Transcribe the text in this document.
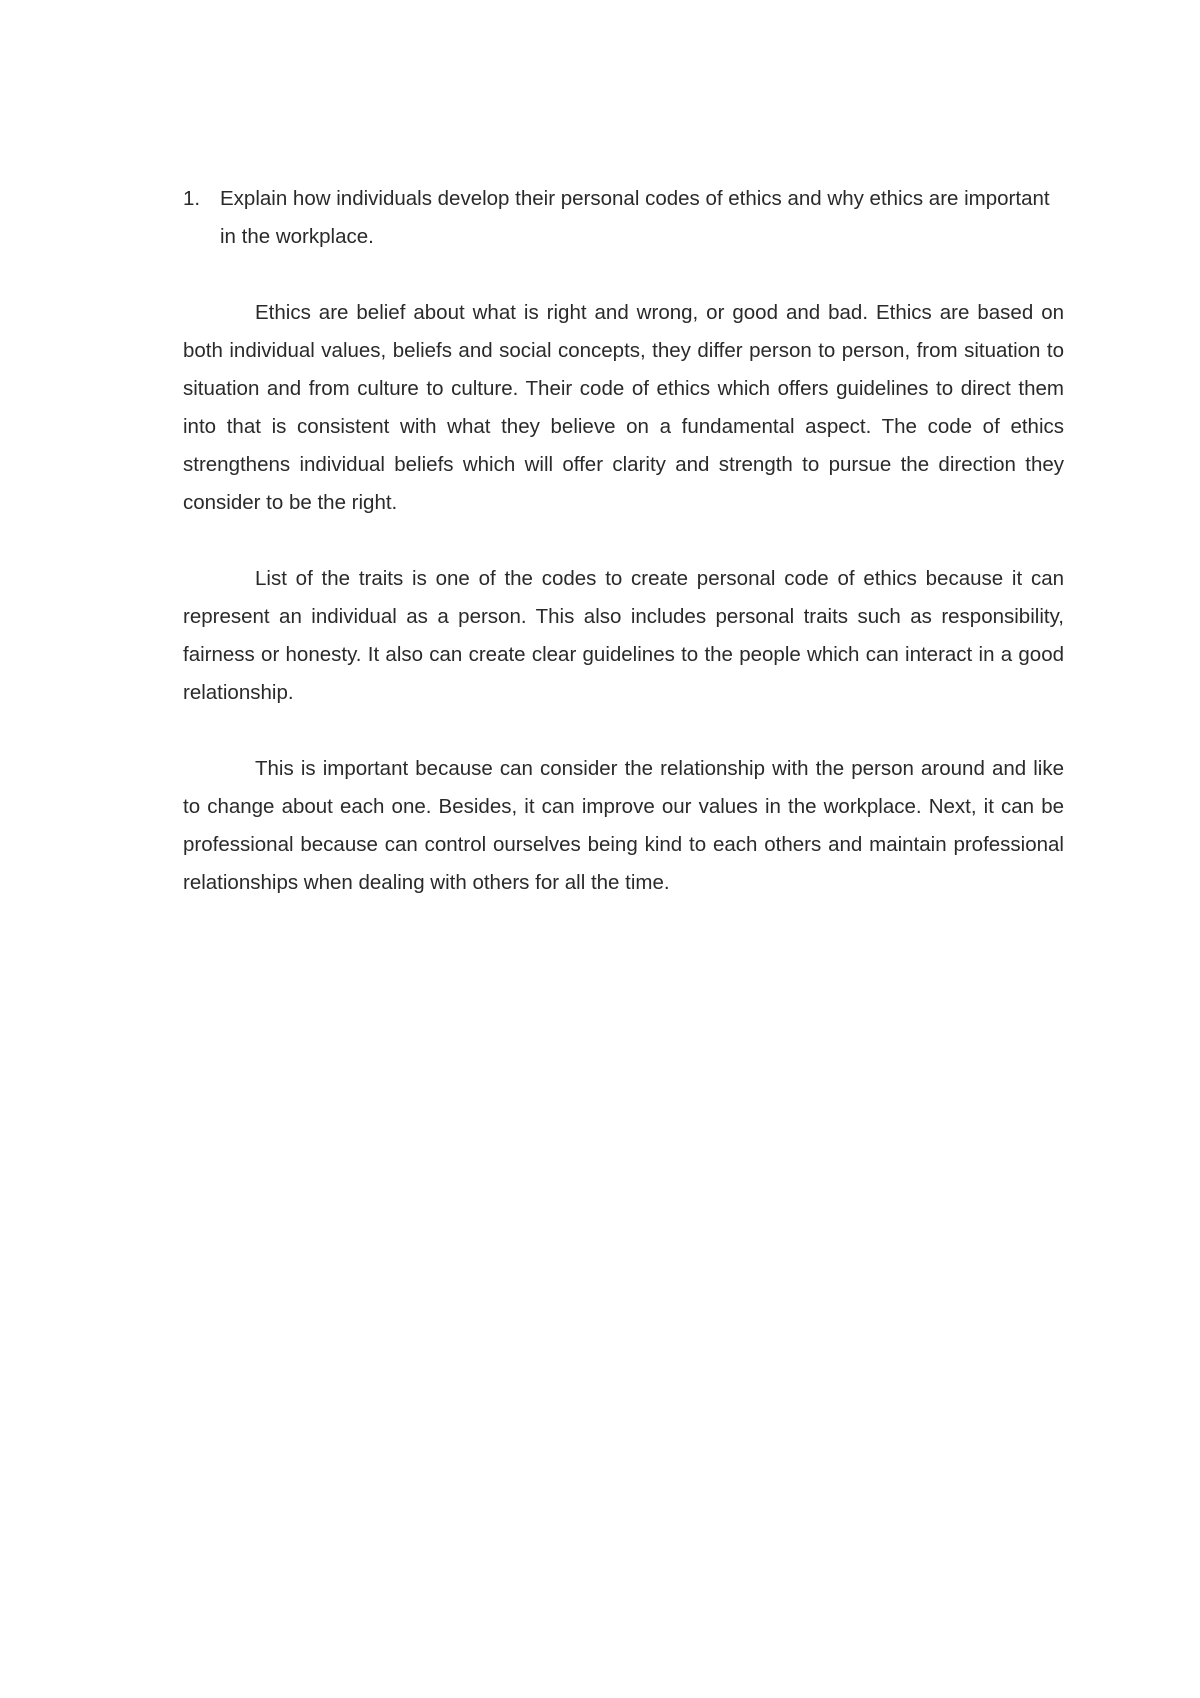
1. Explain how individuals develop their personal codes of ethics and why ethics are important in the workplace.

Ethics are belief about what is right and wrong, or good and bad. Ethics are based on both individual values, beliefs and social concepts, they differ person to person, from situation to situation and from culture to culture. Their code of ethics which offers guidelines to direct them into that is consistent with what they believe on a fundamental aspect. The code of ethics strengthens individual beliefs which will offer clarity and strength to pursue the direction they consider to be the right.

List of the traits is one of the codes to create personal code of ethics because it can represent an individual as a person. This also includes personal traits such as responsibility, fairness or honesty. It also can create clear guidelines to the people which can interact in a good relationship.

This is important because can consider the relationship with the person around and like to change about each one. Besides, it can improve our values in the workplace. Next, it can be professional because can control ourselves being kind to each others and maintain professional relationships when dealing with others for all the time.
